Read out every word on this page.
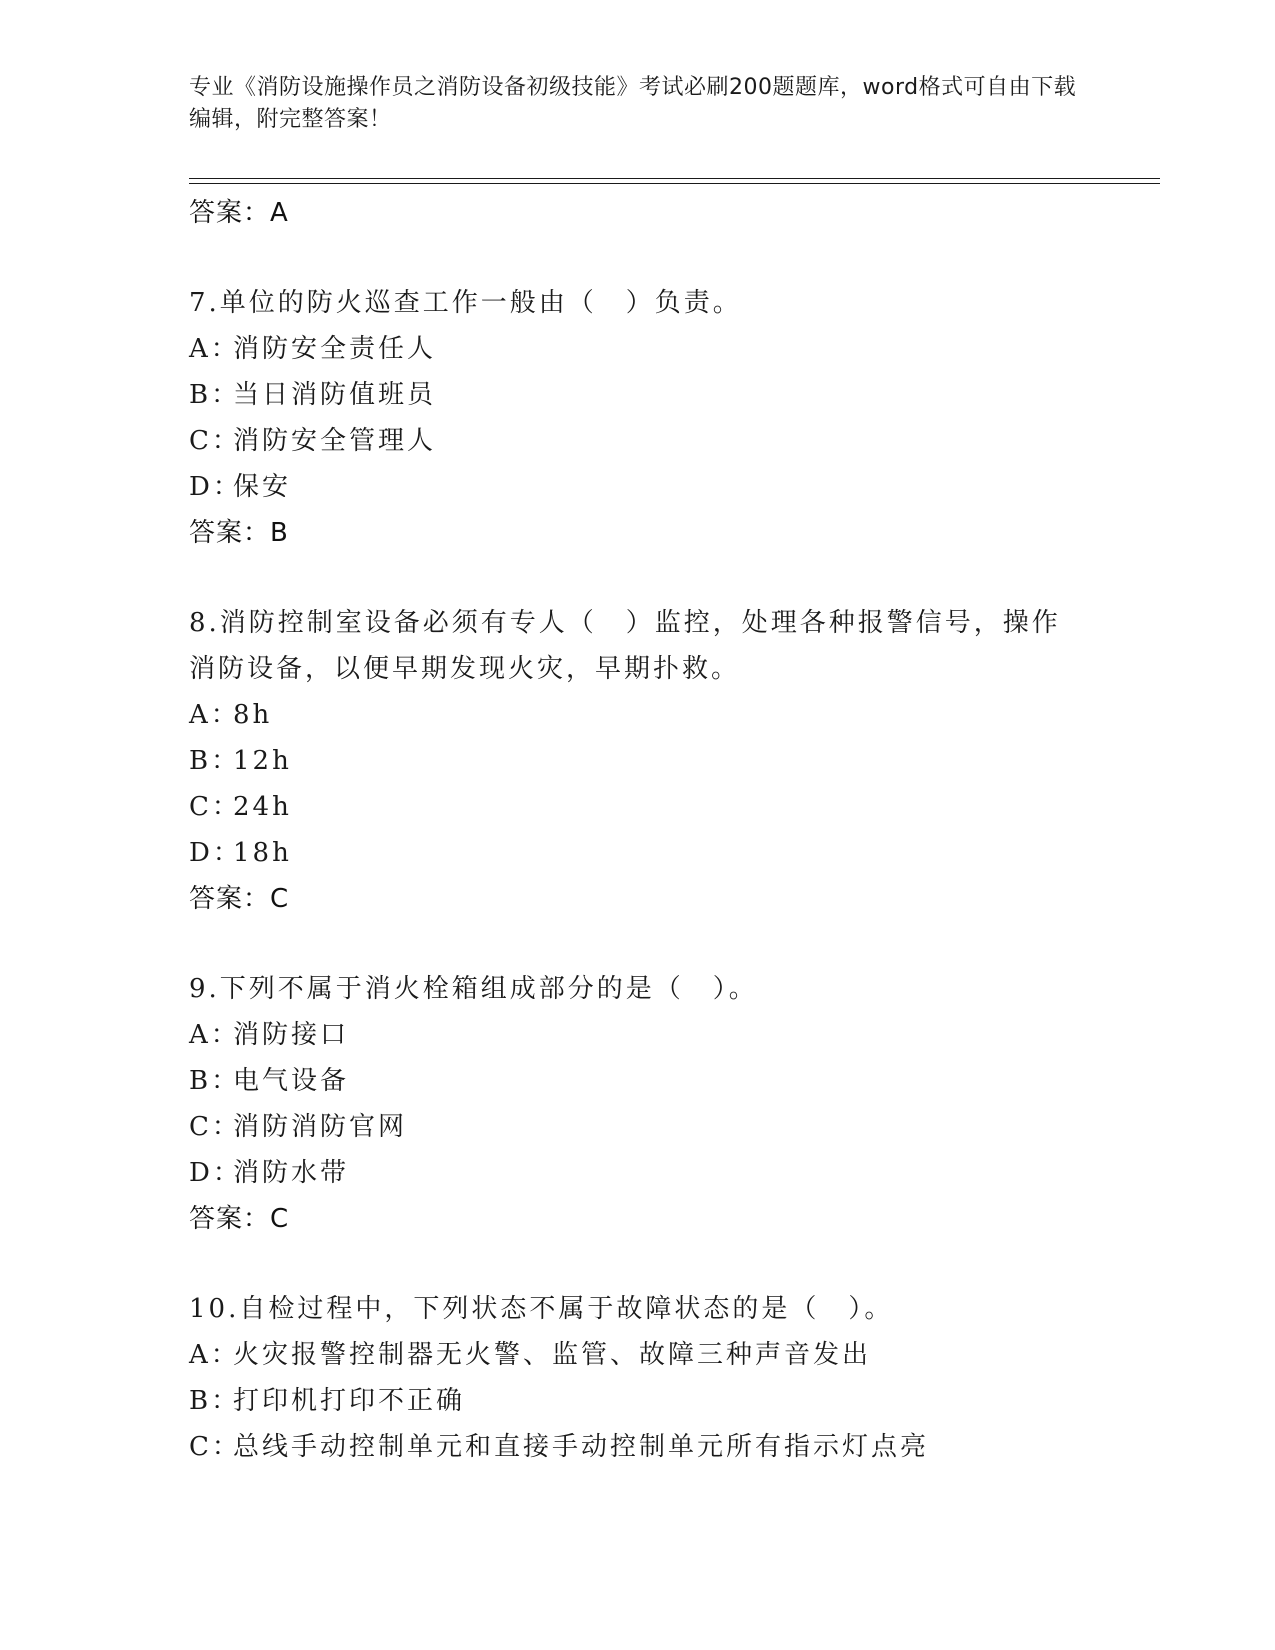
专业《消防设施操作员之消防设备初级技能》考试必刷200题题库，word格式可自由下载编辑，附完整答案！
答案：A
7.单位的防火巡查工作一般由（　）负责。
A：消防安全责任人
B：当日消防值班员
C：消防安全管理人
D：保安
答案：B
8.消防控制室设备必须有专人（　）监控，处理各种报警信号，操作消防设备，以便早期发现火灾，早期扑救。
A：8h
B：12h
C：24h
D：18h
答案：C
9.下列不属于消火栓箱组成部分的是（　）。
A：消防接口
B：电气设备
C：消防消防官网
D：消防水带
答案：C
10.自检过程中，下列状态不属于故障状态的是（　）。
A：火灾报警控制器无火警、监管、故障三种声音发出
B：打印机打印不正确
C：总线手动控制单元和直接手动控制单元所有指示灯点亮
